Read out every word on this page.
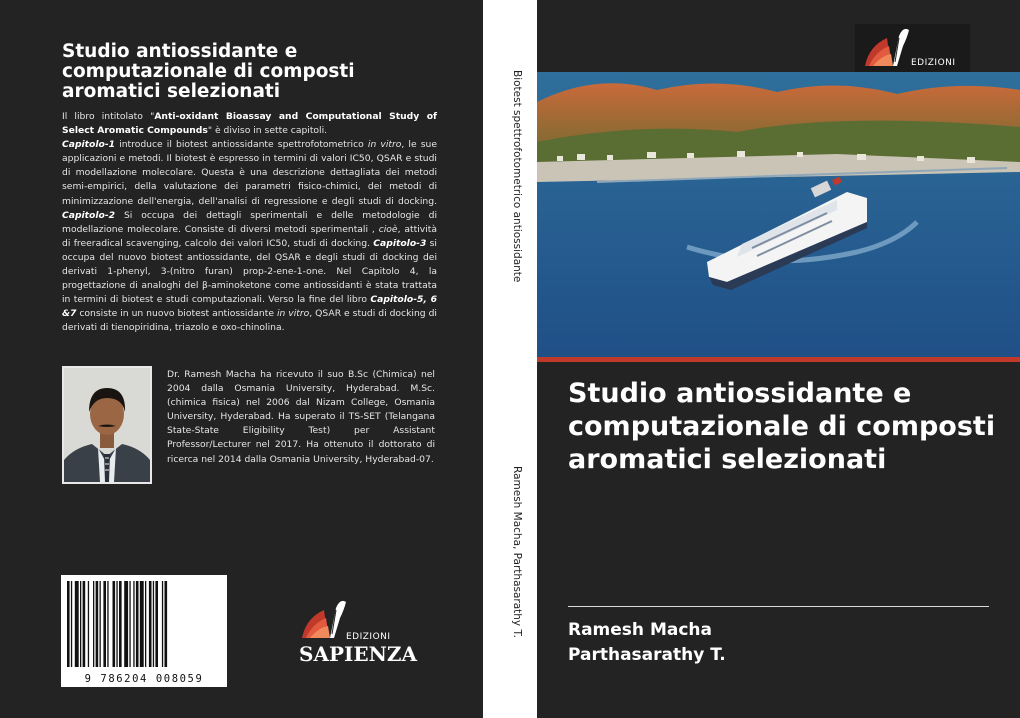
Studio antiossidante e computazionale di composti aromatici selezionati
Il libro intitolato "Anti-oxidant Bioassay and Computational Study of Select Aromatic Compounds" è diviso in sette capitoli.
Capitolo-1 introduce il biotest antiossidante spettrofotometrico in vitro, le sue applicazioni e metodi. Il biotest è espresso in termini di valori IC50, QSAR e studi di modellazione molecolare. Questa è una descrizione dettagliata dei metodi semi-empirici, della valutazione dei parametri fisico-chimici, dei metodi di minimizzazione dell'energia, dell'analisi di regressione e degli studi di docking. Capitolo-2 Si occupa dei dettagli sperimentali e delle metodologie di modellazione molecolare. Consiste di diversi metodi sperimentali , cioè, attività di freeradical scavenging, calcolo dei valori IC50, studi di docking. Capitolo-3 si occupa del nuovo biotest antiossidante, del QSAR e degli studi di docking dei derivati 1-phenyl, 3-(nitro furan) prop-2-ene-1-one. Nel Capitolo 4, la progettazione di analoghi del β-aminoketone come antiossidanti è stata trattata in termini di biotest e studi computazionali. Verso la fine del libro Capitolo-5, 6 &7 consiste in un nuovo biotest antiossidante in vitro, QSAR e studi di docking di derivati di tienopiridina, triazolo e oxo-chinolina.
Dr. Ramesh Macha ha ricevuto il suo B.Sc (Chimica) nel 2004 dalla Osmania University, Hyderabad. M.Sc. (chimica fisica) nel 2006 dal Nizam College, Osmania University, Hyderabad. Ha superato il TS-SET (Telangana State-State Eligibility Test) per Assistant Professor/Lecturer nel 2017. Ha ottenuto il dottorato di ricerca nel 2014 dalla Osmania University, Hyderabad-07.
9 786204 008059
EDIZIONI
SAPIENZA
Biotest spettrofotometrico antiossidante
Ramesh Macha, Parthasarathy T.
EDIZIONI
Studio antiossidante e computazionale di composti aromatici selezionati
Ramesh Macha
Parthasarathy T.
